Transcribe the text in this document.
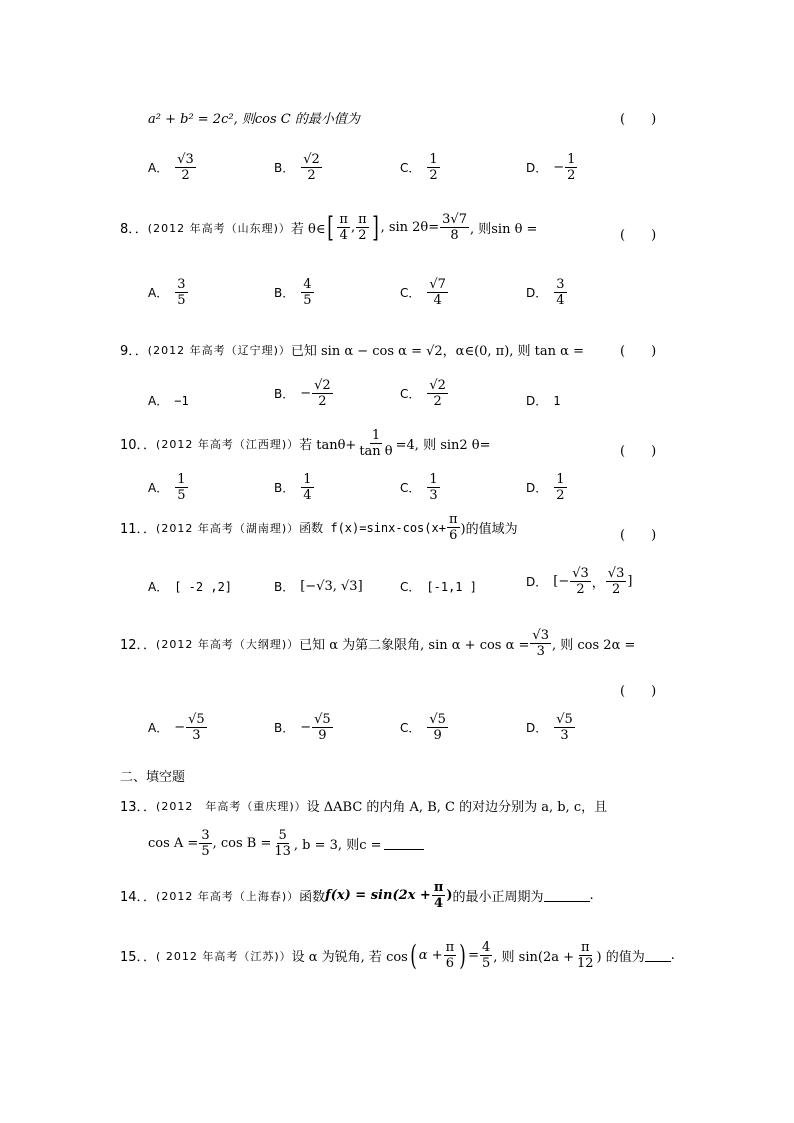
a² + b² = 2c², 则cos C 的最小值为	(　　)
A． $\frac{√3}{2}$	B． $\frac{√2}{2}$	C． $\frac{1}{2}$	D． − $\frac{1}{2}$
8．． (2012 年高考（山东理)） 若 θ∈ [ $\frac{\pi}{4}$ , $\frac{\pi}{2}$ ] , $\sin 2\theta= \frac{3√7}{8}$ , 则sin θ =	(　　)
A． $\frac{3}{5}$	B． $\frac{4}{5}$	C． $\frac{√7}{4}$	D． $\frac{3}{4}$
9．． (2012 年高考（辽宁理)） 已知 sin α − cos α = √2，α∈(0, π), 则 tan α =	(　　)
A． −1	B． − $\frac{√2}{2}$	C． $\frac{√2}{2}$	D． 1
10．． (2012 年高考（江西理)） 若 $\tan\theta+ \frac{1}{\text{tan θ}} =4$, 则 sin2 θ=	(　　)
A． $\frac{1}{5}$	B． $\frac{1}{4}$	C． $\frac{1}{3}$	D． $\frac{1}{2}$
11．． (2012 年高考（湖南理)） 函数 $f(x)=\sin x-\cos(x+ \frac{\pi}{6}$ )的值域为	(　　)
A． [ -2 ,2]	B． [−√3, √3]	C． [-1,1 ]	D． [− $\frac{√3}{2}$ ， $\frac{√3}{2}$ ]
12．． (2012 年高考（大纲理)） 已知 α 为第二象限角, $\sin \alpha + \cos \alpha = \frac{√3}{3}$ , 则 cos 2α =
(　　)
A． − $\frac{√5}{3}$	B． − $\frac{√5}{9}$	C． $\frac{√5}{9}$	D． $\frac{√5}{3}$
二、填空题
13．． (2012　年高考（重庆理)） 设 ΔABC 的内角 A, B, C 的对边分别为 a, b, c，且
$\cos A = \frac{3}{5}$ , $\cos B = \frac{5}{13}$ , b = 3, 则c =
14．． (2012 年高考（上海春)） 函数 $f(x) = \sin(2x + \frac{\pi}{4}$ ) 的最小正周期为	.
15．． ( 2012 年高考（江苏)） 设 α 为锐角, 若 cos ( $\alpha + \frac{\pi}{6}$ ) = $\frac{4}{5}$ , 则 $\sin(2a + \frac{\pi}{12}$ ) 的值为 .
